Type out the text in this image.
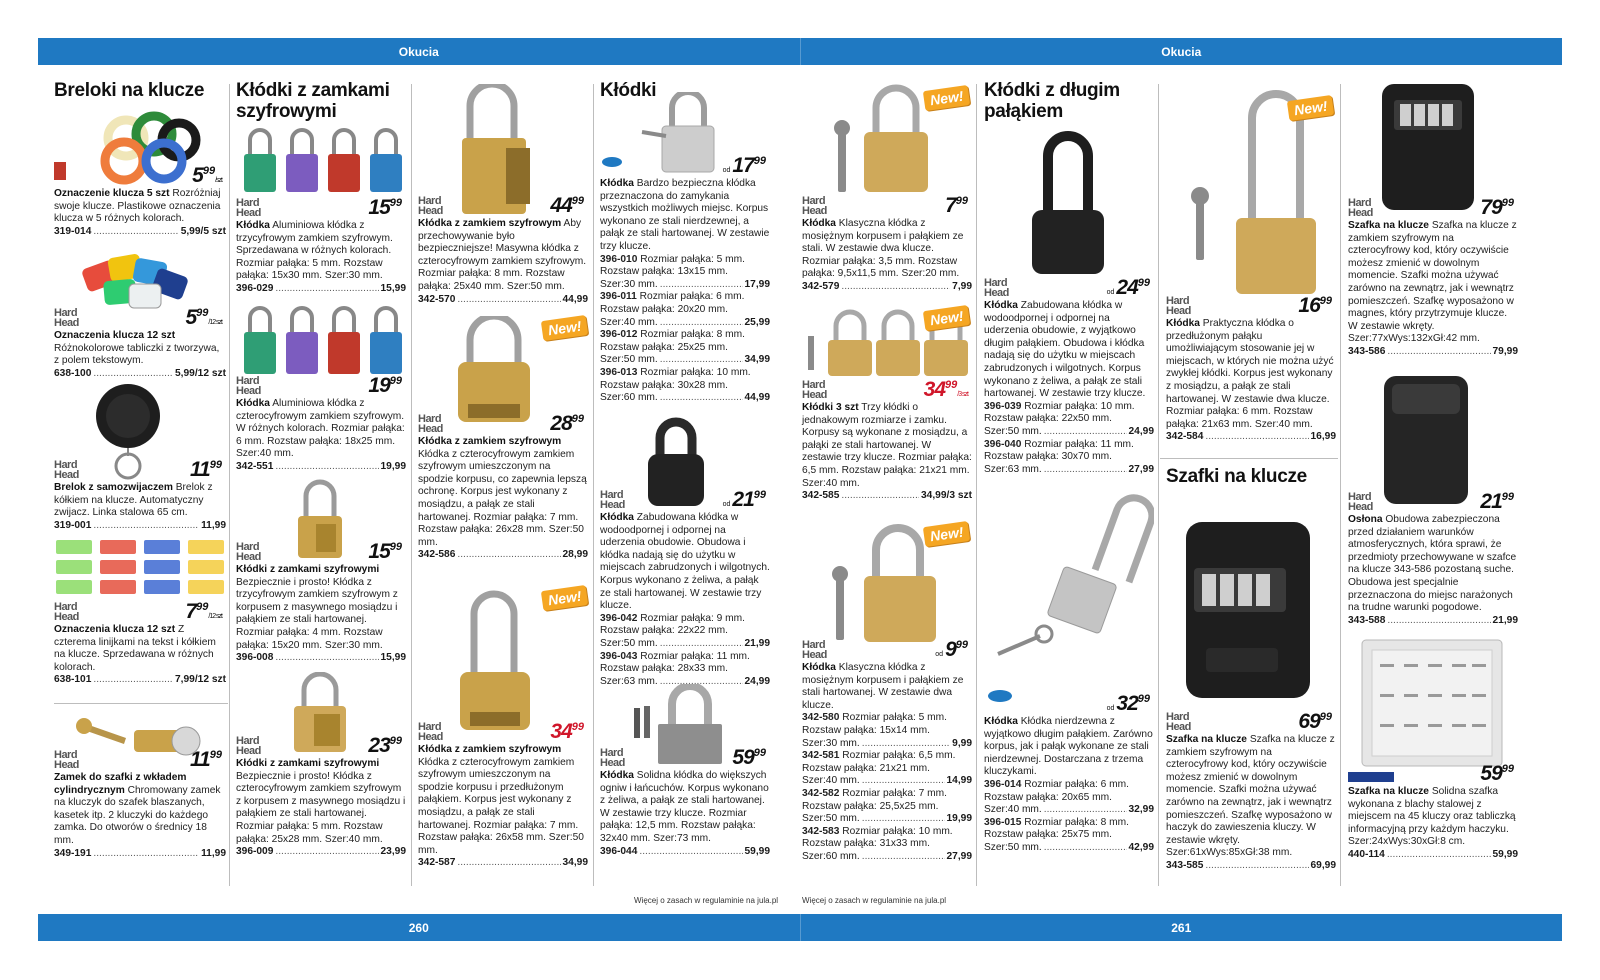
Okucia	Okucia
260	261
Więcej o zasach w regulaminie na jula.pl	Więcej o zasach w regulaminie na jula.pl
Breloki na klucze
$5^{99}$/szt
Oznaczenie klucza 5 szt Rozróżniaj swoje klucze. Plastikowe oznaczenia klucza w 5 różnych kolorach.
319-014 .....	5,99/5 szt
Hard
Head	$5^{99}/12$ szt
Oznaczenia klucza 12 szt Różnokolorowe tabliczki z tworzywa, z polem tekstowym.
638-100 .....	5,99/12 szt
Hard
Head	$11^{99}$
Brelok z samozwijaczem Brelok z kółkiem na klucze. Automatyczny zwijacz. Linka stalowa 65 cm.
319-001 .....	11,99
Hard
Head	$7^{99}/12$ szt
Oznaczenia klucza 12 szt Z czterema linijkami na tekst i kółkiem na klucze. Sprzedawana w różnych kolorach.
638-101 .....	7,99/12 szt
Hard
Head	$11^{99}$
Zamek do szafki z wkładem cylindrycznym Chromowany zamek na kluczyk do szafek blaszanych, kasetek itp. 2 kluczyki do każdego zamka. Do otworów o średnicy 18 mm.
349-191 .....	11,99
Kłódki z zamkami szyfrowymi
Hard
Head	$15^{99}$
Kłódka Aluminiowa kłódka z trzycyfrowym zamkiem szyfrowym. Sprzedawana w różnych kolorach. Rozmiar pałąka: 5 mm. Rozstaw pałąka: 15x30 mm. Szer:30 mm.
396-029 .....	15,99
Hard
Head	$19^{99}$
Kłódka Aluminiowa kłódka z czterocyfrowym zamkiem szyfrowym. W różnych kolorach. Rozmiar pałąka: 6 mm. Rozstaw pałąka: 18x25 mm. Szer:40 mm.
342-551 .....	19,99
Hard
Head	$15^{99}$
Kłódki z zamkami szyfrowymi Bezpiecznie i prosto! Kłódka z trzycyfrowym zamkiem szyfrowym z korpusem z masywnego mosiądzu i pałąkiem ze stali hartowanej. Rozmiar pałąka: 4 mm. Rozstaw pałąka: 15x20 mm. Szer:30 mm.
396-008 .....	15,99
Hard
Head	$23^{99}$
Kłódki z zamkami szyfrowymi Bezpiecznie i prosto! Kłódka z czterocyfrowym zamkiem szyfrowym z korpusem z masywnego mosiądzu i pałąkiem ze stali hartowanej. Rozmiar pałąka: 5 mm. Rozstaw pałąka: 25x28 mm. Szer:40 mm.
396-009 .....	23,99
Hard
Head	$44^{99}$
Kłódka z zamkiem szyfrowym Aby przechowywanie było bezpieczniejsze! Masywna kłódka z czterocyfrowym zamkiem szyfrowym. Rozmiar pałąka: 8 mm. Rozstaw pałąka: 25x40 mm. Szer:50 mm.
342-570 .....	44,99
New!
Hard
Head	$28^{99}$
Kłódka z zamkiem szyfrowym Kłódka z czterocyfrowym zamkiem szyfrowym umieszczonym na spodzie korpusu, co zapewnia lepszą ochronę. Korpus jest wykonany z mosiądzu, a pałąk ze stali hartowanej. Rozmiar pałąka: 7 mm. Rozstaw pałąka: 26x28 mm. Szer:50 mm.
342-586 .....	28,99
New!
Hard
Head	$34^{99}$
Kłódka z zamkiem szyfrowym Kłódka z czterocyfrowym zamkiem szyfrowym umieszczonym na spodzie korpusu i przedłużonym pałąkiem. Korpus jest wykonany z mosiądzu, a pałąk ze stali hartowanej. Rozmiar pałąka: 7 mm. Rozstaw pałąka: 26x58 mm. Szer:50 mm.
342-587 .....	34,99
Kłódki
$od17^{99}$
Kłódka Bardzo bezpieczna kłódka przeznaczona do zamykania wszystkich możliwych miejsc. Korpus wykonano ze stali nierdzewnej, a pałąk ze stali hartowanej. W zestawie trzy klucze.
396-010 Rozmiar pałąka: 5 mm.
Rozstaw pałąka: 13x15 mm.
Szer:30 mm. .....	17,99
396-011 Rozmiar pałąka: 6 mm.
Rozstaw pałąka: 20x20 mm.
Szer:40 mm. .....	25,99
396-012 Rozmiar pałąka: 8 mm.
Rozstaw pałąka: 25x25 mm.
Szer:50 mm. .....	34,99
396-013 Rozmiar pałąka: 10 mm.
Rozstaw pałąka: 30x28 mm.
Szer:60 mm. .....	44,99
Hard
Head	$od21^{99}$
Kłódka Zabudowana kłódka w wodoodpornej i odpornej na uderzenia obudowie. Obudowa i kłódka nadają się do użytku w miejscach zabrudzonych i wilgotnych. Korpus wykonano z żeliwa, a pałąk ze stali hartowanej. W zestawie trzy klucze.
396-042 Rozmiar pałąka: 9 mm.
Rozstaw pałąka: 22x22 mm.
Szer:50 mm. .....	21,99
396-043 Rozmiar pałąka: 11 mm.
Rozstaw pałąka: 28x33 mm.
Szer:63 mm. .....	24,99
Hard
Head	$59^{99}$
Kłódka Solidna kłódka do większych ogniw i łańcuchów. Korpus wykonano z żeliwa, a pałąk ze stali hartowanej. W zestawie trzy klucze. Rozmiar pałąka: 12,5 mm. Rozstaw pałąka: 32x40 mm. Szer:73 mm.
396-044 .....	59,99
New!
Hard
Head	$7^{99}$
Kłódka Klasyczna kłódka z mosiężnym korpusem i pałąkiem ze stali. W zestawie dwa klucze. Rozmiar pałąka: 3,5 mm. Rozstaw pałąka: 9,5x11,5 mm. Szer:20 mm.
342-579 .....	7,99
New!
Hard
Head	$34^{99}/3$ szt
Kłódki 3 szt Trzy kłódki o jednakowym rozmiarze i zamku. Korpusy są wykonane z mosiądzu, a pałąki ze stali hartowanej. W zestawie trzy klucze. Rozmiar pałąka: 6,5 mm. Rozstaw pałąka: 21x21 mm. Szer:40 mm.
342-585 .....	34,99/3 szt
New!
Hard
Head	$od9^{99}$
Kłódka Klasyczna kłódka z mosiężnym korpusem i pałąkiem ze stali hartowanej. W zestawie dwa klucze.
342-580 Rozmiar pałąka: 5 mm.
Rozstaw pałąka: 15x14 mm.
Szer:30 mm. .....	9,99
342-581 Rozmiar pałąka: 6,5 mm.
Rozstaw pałąka: 21x21 mm.
Szer:40 mm. .....	14,99
342-582 Rozmiar pałąka: 7 mm.
Rozstaw pałąka: 25,5x25 mm.
Szer:50 mm. .....	19,99
342-583 Rozmiar pałąka: 10 mm.
Rozstaw pałąka: 31x33 mm.
Szer:60 mm. .....	27,99
Kłódki z długim pałąkiem
Hard
Head	$od24^{99}$
Kłódka Zabudowana kłódka w wodoodpornej i odpornej na uderzenia obudowie, z wyjątkowo długim pałąkiem. Obudowa i kłódka nadają się do użytku w miejscach zabrudzonych i wilgotnych. Korpus wykonano z żeliwa, a pałąk ze stali hartowanej. W zestawie trzy klucze.
396-039 Rozmiar pałąka: 10 mm.
Rozstaw pałąka: 22x50 mm.
Szer:50 mm. .....	24,99
396-040 Rozmiar pałąka: 11 mm.
Rozstaw pałąka: 30x70 mm.
Szer:63 mm. .....	27,99
$od32^{99}$
Kłódka Kłódka nierdzewna z wyjątkowo długim pałąkiem. Zarówno korpus, jak i pałąk wykonane ze stali nierdzewnej. Dostarczana z trzema kluczykami.
396-014 Rozmiar pałąka: 6 mm.
Rozstaw pałąka: 20x65 mm.
Szer:40 mm. .....	32,99
396-015 Rozmiar pałąka: 8 mm.
Rozstaw pałąka: 25x75 mm.
Szer:50 mm. .....	42,99
New!
Hard
Head	$16^{99}$
Kłódka Praktyczna kłódka o przedłużonym pałąku umożliwiającym stosowanie jej w miejscach, w których nie można użyć zwykłej kłódki. Korpus jest wykonany z mosiądzu, a pałąk ze stali hartowanej. W zestawie dwa klucze. Rozmiar pałąka: 6 mm. Rozstaw pałąka: 21x63 mm. Szer:40 mm.
342-584 .....	16,99
Szafki na klucze
Hard
Head	$69^{99}$
Szafka na klucze Szafka na klucze z zamkiem szyfrowym na czterocyfrowy kod, który oczywiście możesz zmienić w dowolnym momencie. Szafki można używać zarówno na zewnątrz, jak i wewnątrz pomieszczeń. Szafkę wyposażono w haczyk do zawieszenia kluczy. W zestawie wkręty. Szer:61xWys:85xGł:38 mm.
343-585 .....	69,99
Hard
Head	$79^{99}$
Szafka na klucze Szafka na klucze z zamkiem szyfrowym na czterocyfrowy kod, który oczywiście możesz zmienić w dowolnym momencie. Szafki można używać zarówno na zewnątrz, jak i wewnątrz pomieszczeń. Szafkę wyposażono w magnes, który przytrzymuje klucze. W zestawie wkręty. Szer:77xWys:132xGł:42 mm.
343-586 .....	79,99
Hard
Head	$21^{99}$
Osłona Obudowa zabezpieczona przed działaniem warunków atmosferycznych, która sprawi, że przedmioty przechowywane w szafce na klucze 343-586 pozostaną suche. Obudowa jest specjalnie przeznaczona do miejsc narażonych na trudne warunki pogodowe.
343-588 .....	21,99
$59^{99}$
Szafka na klucze Solidna szafka wykonana z blachy stalowej z miejscem na 45 kluczy oraz tabliczką informacyjną przy każdym haczyku. Szer:24xWys:30xGł:8 cm.
440-114 .....	59,99
